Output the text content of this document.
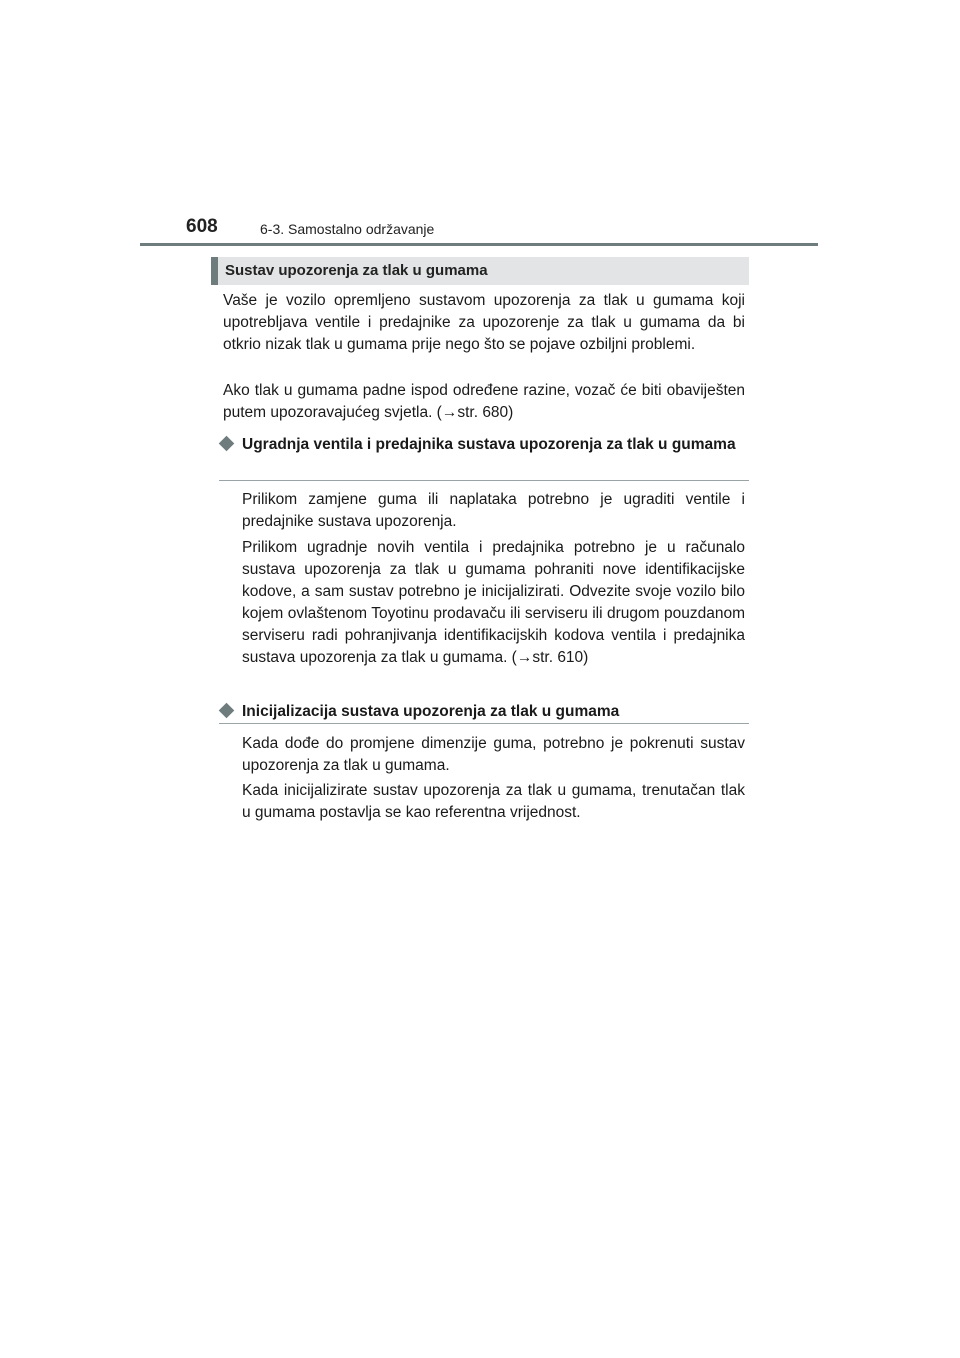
608	6-3. Samostalno održavanje
Sustav upozorenja za tlak u gumama
Vaše je vozilo opremljeno sustavom upozorenja za tlak u gumama koji upotrebljava ventile i predajnike za upozorenje za tlak u gumama da bi otkrio nizak tlak u gumama prije nego što se pojave ozbiljni problemi.
Ako tlak u gumama padne ispod određene razine, vozač će biti obaviješten putem upozoravajućeg svjetla. (→str. 680)
Ugradnja ventila i predajnika sustava upozorenja za tlak u gumama
Prilikom zamjene guma ili naplataka potrebno je ugraditi ventile i predajnike sustava upozorenja.
Prilikom ugradnje novih ventila i predajnika potrebno je u računalo sustava upozorenja za tlak u gumama pohraniti nove identifikacijske kodove, a sam sustav potrebno je inicijalizirati. Odvezite svoje vozilo bilo kojem ovlaštenom Toyotinu prodavaču ili serviseru ili drugom pouzdanom serviseru radi pohranjivanja identifikacijskih kodova ventila i predajnika sustava upozorenja za tlak u gumama. (→str. 610)
Inicijalizacija sustava upozorenja za tlak u gumama
Kada dođe do promjene dimenzije guma, potrebno je pokrenuti sustav upozorenja za tlak u gumama.
Kada inicijalizirate sustav upozorenja za tlak u gumama, trenutačan tlak u gumama postavlja se kao referentna vrijednost.
